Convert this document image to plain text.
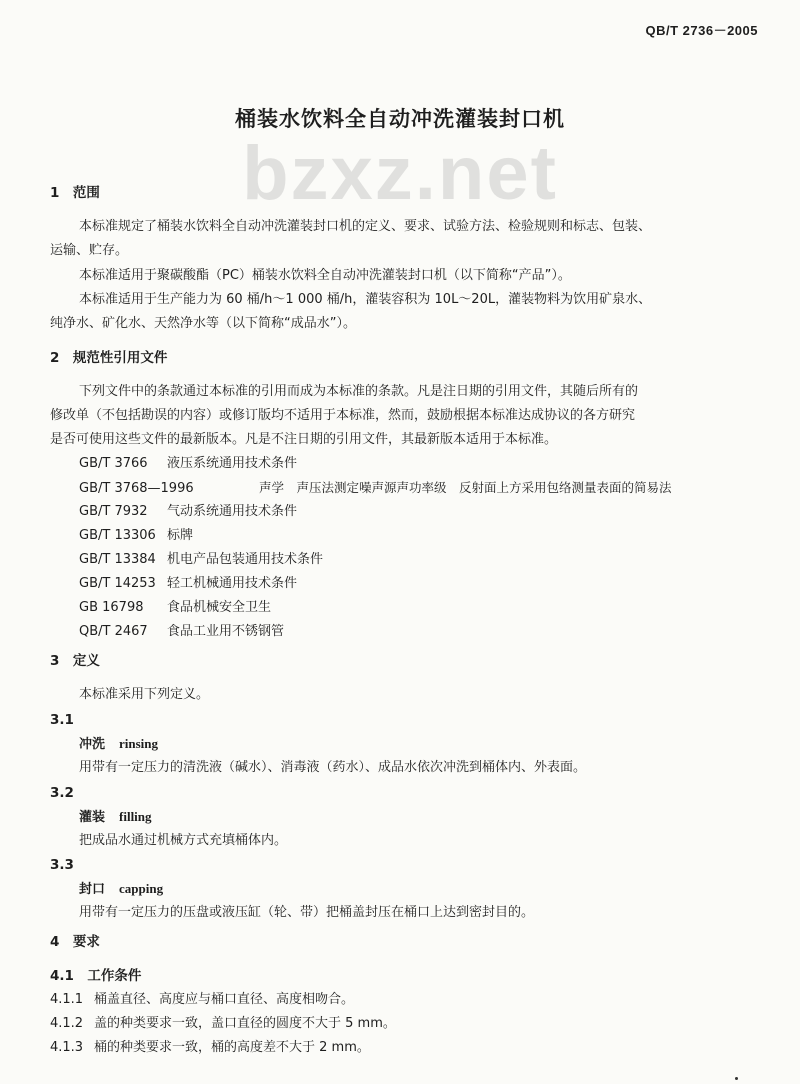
QB/T 2736－2005
bzxz.net
桶装水饮料全自动冲洗灌装封口机
1　范围
本标准规定了桶装水饮料全自动冲洗灌装封口机的定义、要求、试验方法、检验规则和标志、包装、
运输、贮存。
本标准适用于聚碳酸酯（PC）桶装水饮料全自动冲洗灌装封口机（以下简称“产品”）。
本标准适用于生产能力为 60 桶/h～1 000 桶/h，灌装容积为 10L～20L，灌装物料为饮用矿泉水、
纯净水、矿化水、天然净水等（以下简称“成品水”）。
2　规范性引用文件
下列文件中的条款通过本标准的引用而成为本标准的条款。凡是注日期的引用文件，其随后所有的
修改单（不包括勘误的内容）或修订版均不适用于本标准，然而，鼓励根据本标准达成协议的各方研究
是否可使用这些文件的最新版本。凡是不注日期的引用文件，其最新版本适用于本标准。
GB/T 3766 液压系统通用技术条件
GB/T 3768—1996	声学　声压法测定噪声源声功率级　反射面上方采用包络测量表面的简易法
GB/T 7932 气动系统通用技术条件
GB/T 13306 标牌
GB/T 13384 机电产品包装通用技术条件
GB/T 14253 轻工机械通用技术条件
GB 16798 食品机械安全卫生
QB/T 2467 食品工业用不锈钢管
3　定义
本标准采用下列定义。
3.1
冲洗 rinsing
用带有一定压力的清洗液（碱水）、消毒液（药水）、成品水依次冲洗到桶体内、外表面。
3.2
灌装 filling
把成品水通过机械方式充填桶体内。
3.3
封口 capping
用带有一定压力的压盘或液压缸（轮、带）把桶盖封压在桶口上达到密封目的。
4　要求
4.1　工作条件
4.1.1 桶盖直径、高度应与桶口直径、高度相吻合。
4.1.2 盖的种类要求一致，盖口直径的圆度不大于 5 mm。
4.1.3 桶的种类要求一致，桶的高度差不大于 2 mm。
